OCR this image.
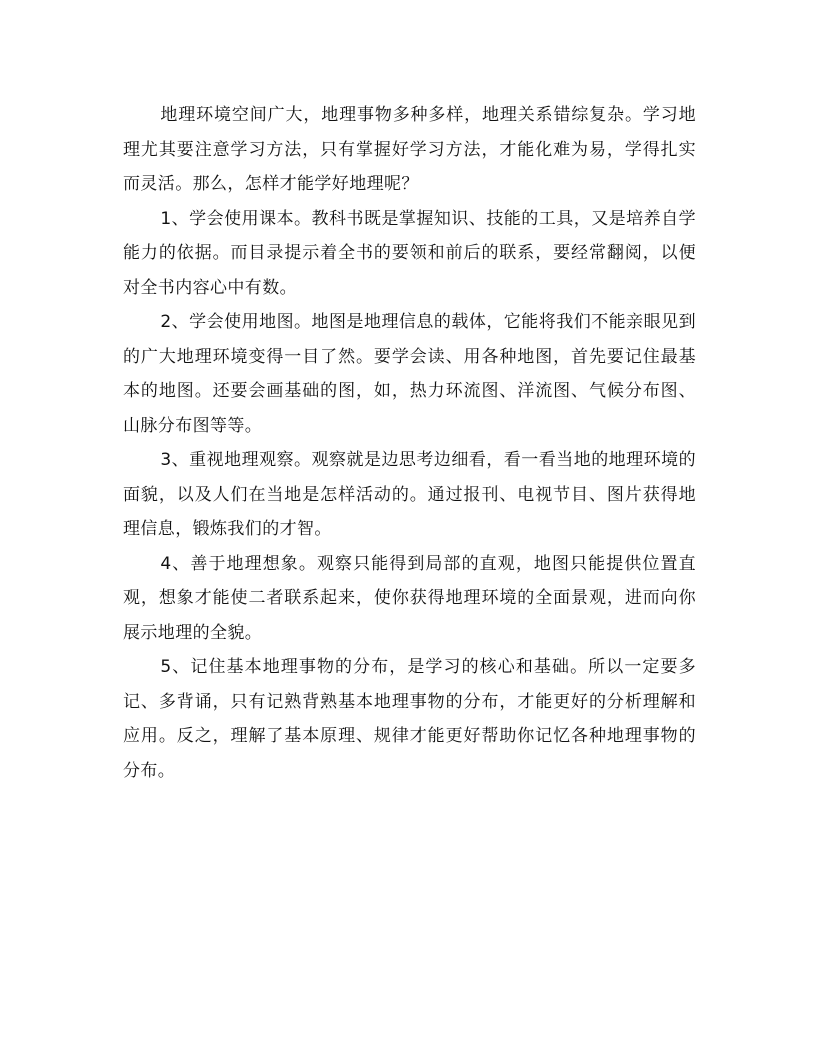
地理环境空间广大，地理事物多种多样，地理关系错综复杂。学习地理尤其要注意学习方法，只有掌握好学习方法，才能化难为易，学得扎实而灵活。那么，怎样才能学好地理呢？

1、学会使用课本。教科书既是掌握知识、技能的工具，又是培养自学能力的依据。而目录提示着全书的要领和前后的联系，要经常翻阅，以便对全书内容心中有数。

2、学会使用地图。地图是地理信息的载体，它能将我们不能亲眼见到的广大地理环境变得一目了然。要学会读、用各种地图，首先要记住最基本的地图。还要会画基础的图，如，热力环流图、洋流图、气候分布图、山脉分布图等等。

3、重视地理观察。观察就是边思考边细看，看一看当地的地理环境的面貌，以及人们在当地是怎样活动的。通过报刊、电视节目、图片获得地理信息，锻炼我们的才智。

4、善于地理想象。观察只能得到局部的直观，地图只能提供位置直观，想象才能使二者联系起来，使你获得地理环境的全面景观，进而向你展示地理的全貌。

5、记住基本地理事物的分布，是学习的核心和基础。所以一定要多记、多背诵，只有记熟背熟基本地理事物的分布，才能更好的分析理解和应用。反之，理解了基本原理、规律才能更好帮助你记忆各种地理事物的分布。
